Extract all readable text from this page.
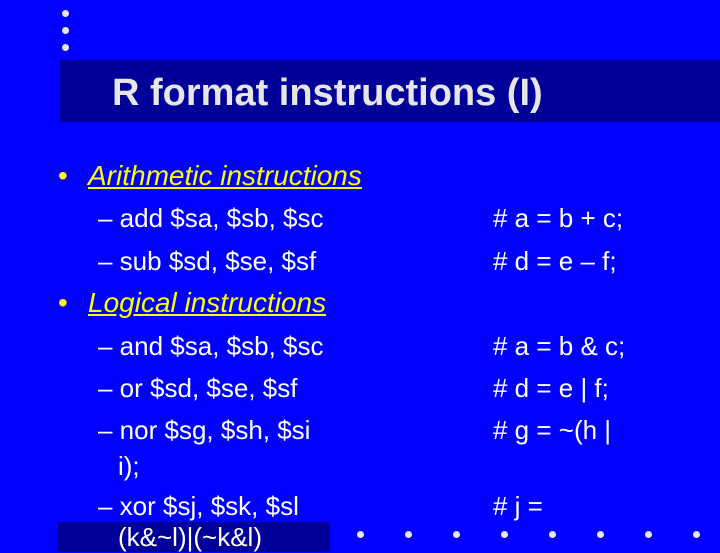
R format instructions (I)
• Arithmetic instructions
– add $sa, $sb, $sc	# a = b + c;
– sub $sd, $se, $sf	# d = e – f;
• Logical instructions
– and $sa, $sb, $sc	# a = b & c;
– or $sd, $se, $sf	# d = e | f;
– nor $sg, $sh, $si	# g = ~(h |
i);
– xor $sj, $sk, $sl	# j =
(k&~l)|(~k&l)
